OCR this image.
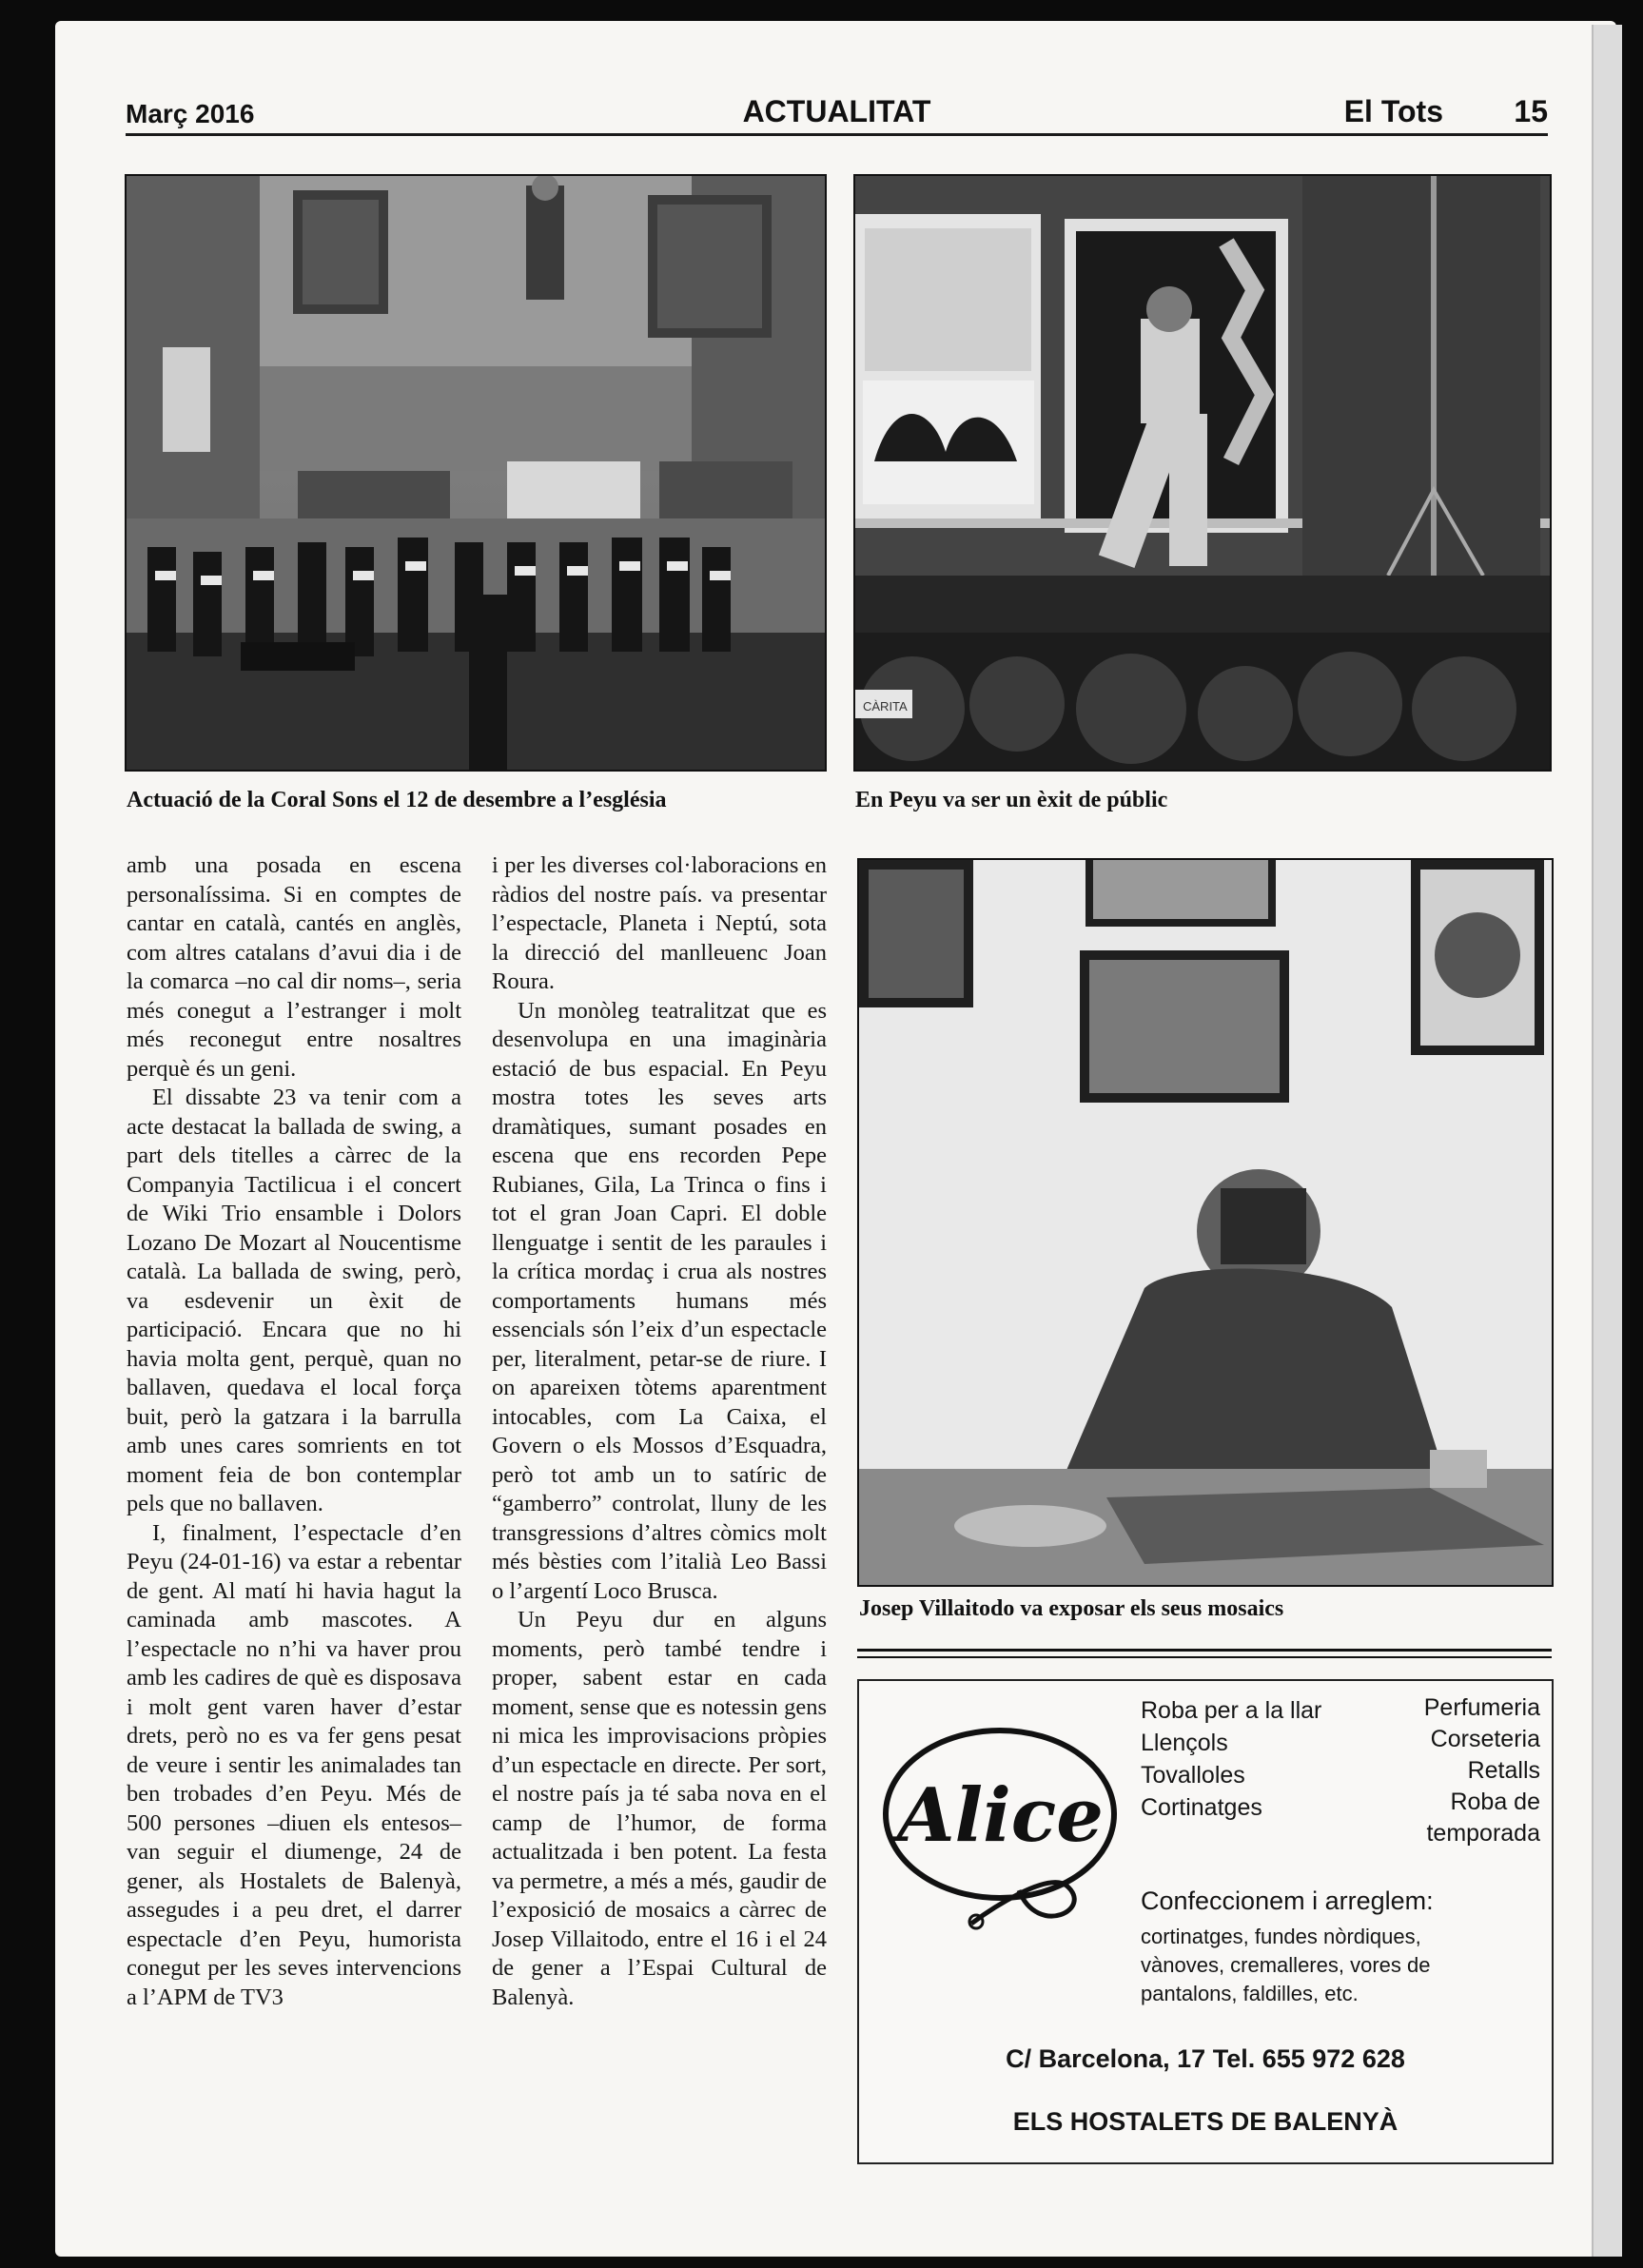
Març 2016	ACTUALITAT	El Tots 15
Actuació de la Coral Sons el 12 de desembre a l’església
CÀRITA
En Peyu va ser un èxit de públic

amb una posada en escena personalíssima. Si en comptes de cantar en català, cantés en anglès, com altres catalans d’avui dia i de la comarca –no cal dir noms–, seria més conegut a l’estranger i molt més reconegut entre nosaltres perquè és un geni.

El dissabte 23 va tenir com a acte destacat la ballada de swing, a part dels titelles a càrrec de la Companyia Tactilicua i el concert de Wiki Trio ensamble i Dolors Lozano De Mozart al Noucentisme català. La ballada de swing, però, va esdevenir un èxit de participació. Encara que no hi havia molta gent, perquè, quan no ballaven, quedava el local força buit, però la gatzara i la barrulla amb unes cares somrients en tot moment feia de bon contemplar pels que no ballaven.

I, finalment, l’espectacle d’en Peyu (24-01-16) va estar a rebentar de gent. Al matí hi havia hagut la caminada amb mascotes. A l’espectacle no n’hi va haver prou amb les cadires de què es disposava i molt gent varen haver d’estar drets, però no es va fer gens pesat de veure i sentir les animalades tan ben trobades d’en Peyu. Més de 500 persones –diuen els entesos– van seguir el diumenge, 24 de gener, als Hostalets de Balenyà, assegudes i a peu dret, el darrer espectacle d’en Peyu, humorista conegut per les seves intervencions a l’APM de TV3

i per les diverses col·laboracions en ràdios del nostre país. va presentar l’espectacle, Planeta i Neptú, sota la direcció del manlleuenc Joan Roura.

Un monòleg teatralitzat que es desenvolupa en una imaginària estació de bus espacial. En Peyu mostra totes les seves arts dramàtiques, sumant posades en escena que ens recorden Pepe Rubianes, Gila, La Trinca o fins i tot el gran Joan Capri. El doble llenguatge i sentit de les paraules i la crítica mordaç i crua als nostres comportaments humans més essencials són l’eix d’un espectacle per, literalment, petar-se de riure. I on apareixen tòtems aparentment intocables, com La Caixa, el Govern o els Mossos d’Esquadra, però tot amb un to satíric de “gamberro” controlat, lluny de les transgressions d’altres còmics molt més bèsties com l’italià Leo Bassi o l’argentí Loco Brusca.

Un Peyu dur en alguns moments, però també tendre i proper, sabent estar en cada moment, sense que es notessin gens ni mica les improvisacions pròpies d’un espectacle en directe. Per sort, el nostre país ja té saba nova en el camp de l’humor, de forma actualitzada i ben potent. La festa va permetre, a més a més, gaudir de l’exposició de mosaics a càrrec de Josep Villaitodo, entre el 16 i el 24 de gener a l’Espai Cultural de Balenyà.

Josep Villaitodo va exposar els seus mosaics
Alice
Roba per a la llar
Llençols
Tovalloles
Cortinatges
Perfumeria
Corseteria
Retalls
Roba de
temporada
Confeccionem i arreglem:
cortinatges, fundes nòrdiques,
vànoves, cremalleres, vores de
pantalons, faldilles, etc.
C/ Barcelona, 17 Tel. 655 972 628
ELS HOSTALETS DE BALENYÀ
